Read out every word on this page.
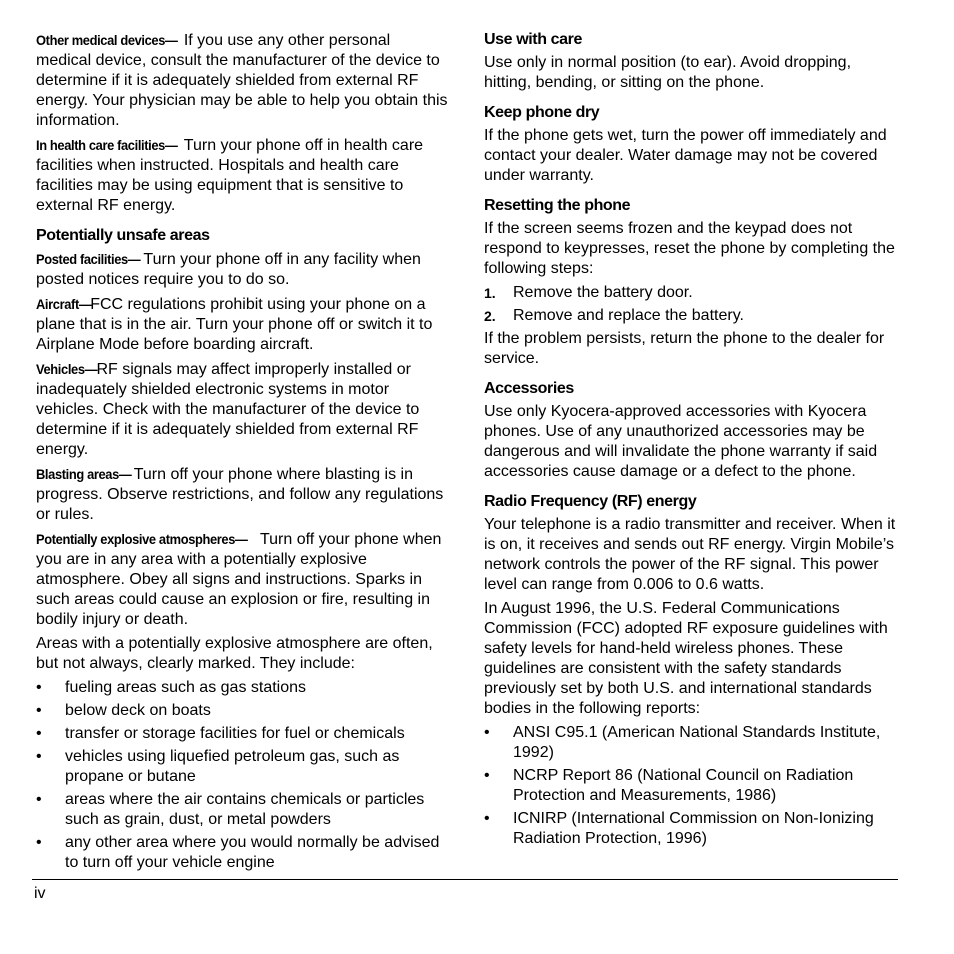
Other medical devices— If you use any other personal medical device, consult the manufacturer of the device to determine if it is adequately shielded from external RF energy. Your physician may be able to help you obtain this information.

In health care facilities— Turn your phone off in health care facilities when instructed. Hospitals and health care facilities may be using equipment that is sensitive to external RF energy.

Potentially unsafe areas

Posted facilities— Turn your phone off in any facility when posted notices require you to do so.

Aircraft—FCC regulations prohibit using your phone on a plane that is in the air. Turn your phone off or switch it to Airplane Mode before boarding aircraft.

Vehicles—RF signals may affect improperly installed or inadequately shielded electronic systems in motor vehicles. Check with the manufacturer of the device to determine if it is adequately shielded from external RF energy.

Blasting areas— Turn off your phone where blasting is in progress. Observe restrictions, and follow any regulations or rules.

Potentially explosive atmospheres— Turn off your phone when you are in any area with a potentially explosive atmosphere. Obey all signs and instructions. Sparks in such areas could cause an explosion or fire, resulting in bodily injury or death.

Areas with a potentially explosive atmosphere are often, but not always, clearly marked. They include:

• fueling areas such as gas stations
• below deck on boats
• transfer or storage facilities for fuel or chemicals
• vehicles using liquefied petroleum gas, such as propane or butane
• areas where the air contains chemicals or particles such as grain, dust, or metal powders
• any other area where you would normally be advised to turn off your vehicle engine
Use with care

Use only in normal position (to ear). Avoid dropping, hitting, bending, or sitting on the phone.

Keep phone dry

If the phone gets wet, turn the power off immediately and contact your dealer. Water damage may not be covered under warranty.

Resetting the phone

If the screen seems frozen and the keypad does not respond to keypresses, reset the phone by completing the following steps:

1. Remove the battery door.
2. Remove and replace the battery.

If the problem persists, return the phone to the dealer for service.

Accessories

Use only Kyocera-approved accessories with Kyocera phones. Use of any unauthorized accessories may be dangerous and will invalidate the phone warranty if said accessories cause damage or a defect to the phone.

Radio Frequency (RF) energy

Your telephone is a radio transmitter and receiver. When it is on, it receives and sends out RF energy. Virgin Mobile’s network controls the power of the RF signal. This power level can range from 0.006 to 0.6 watts.

In August 1996, the U.S. Federal Communications Commission (FCC) adopted RF exposure guidelines with safety levels for hand-held wireless phones. These guidelines are consistent with the safety standards previously set by both U.S. and international standards bodies in the following reports:

• ANSI C95.1 (American National Standards Institute, 1992)
• NCRP Report 86 (National Council on Radiation Protection and Measurements, 1986)
• ICNIRP (International Commission on Non-Ionizing Radiation Protection, 1996)
iv
